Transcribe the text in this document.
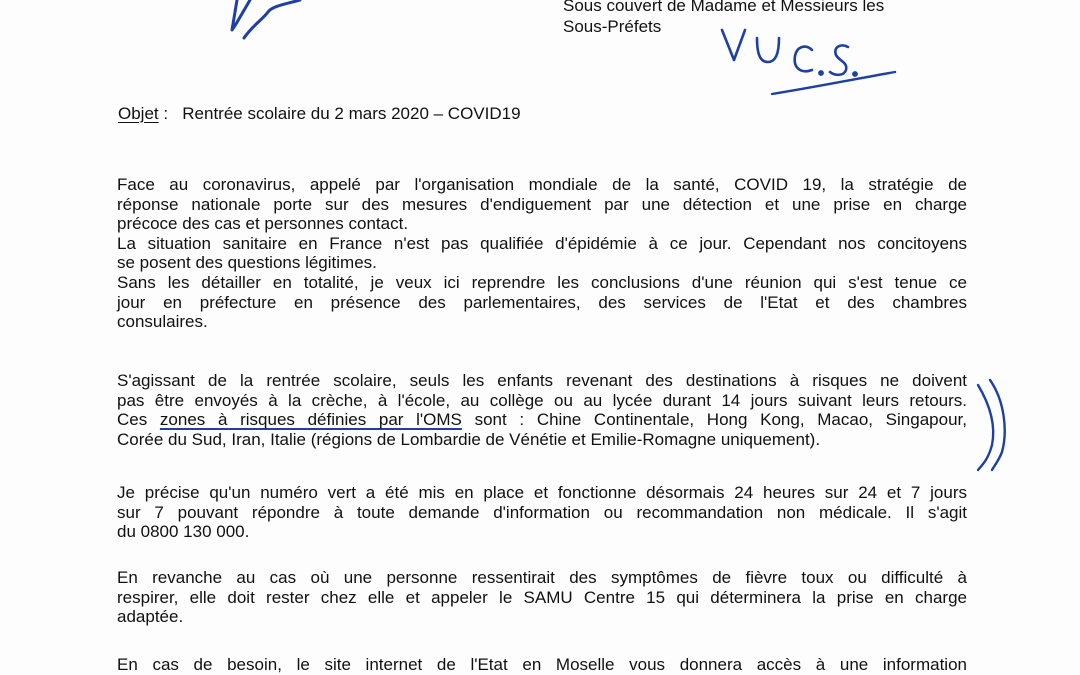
Sous couvert de Madame et Messieurs les
Sous-Préfets
Objet :   Rentrée scolaire du 2 mars 2020 – COVID19
Face au coronavirus, appelé par l'organisation mondiale de la santé, COVID 19, la stratégie de
réponse nationale porte sur des mesures d'endiguement par une détection et une prise en charge
précoce des cas et personnes contact.
La situation sanitaire en France n'est pas qualifiée d'épidémie à ce jour. Cependant nos concitoyens
se posent des questions légitimes.
Sans les détailler en totalité, je veux ici reprendre les conclusions d'une réunion qui s'est tenue ce
jour en préfecture en présence des parlementaires, des services de l'Etat et des chambres
consulaires.
S'agissant de la rentrée scolaire, seuls les enfants revenant des destinations à risques ne doivent
pas être envoyés à la crèche, à l'école, au collège ou au lycée durant 14 jours suivant leurs retours.
Ces zones à risques définies par l'OMS sont : Chine Continentale, Hong Kong, Macao, Singapour,
Corée du Sud, Iran, Italie (régions de Lombardie de Vénétie et Emilie-Romagne uniquement).
Je précise qu'un numéro vert a été mis en place et fonctionne désormais 24 heures sur 24 et 7 jours
sur 7 pouvant répondre à toute demande d'information ou recommandation non médicale. Il s'agit
du 0800 130 000.
En revanche au cas où une personne ressentirait des symptômes de fièvre toux ou difficulté à
respirer, elle doit rester chez elle et appeler le SAMU Centre 15 qui déterminera la prise en charge
adaptée.
En cas de besoin, le site internet de l'Etat en Moselle vous donnera accès à une information
